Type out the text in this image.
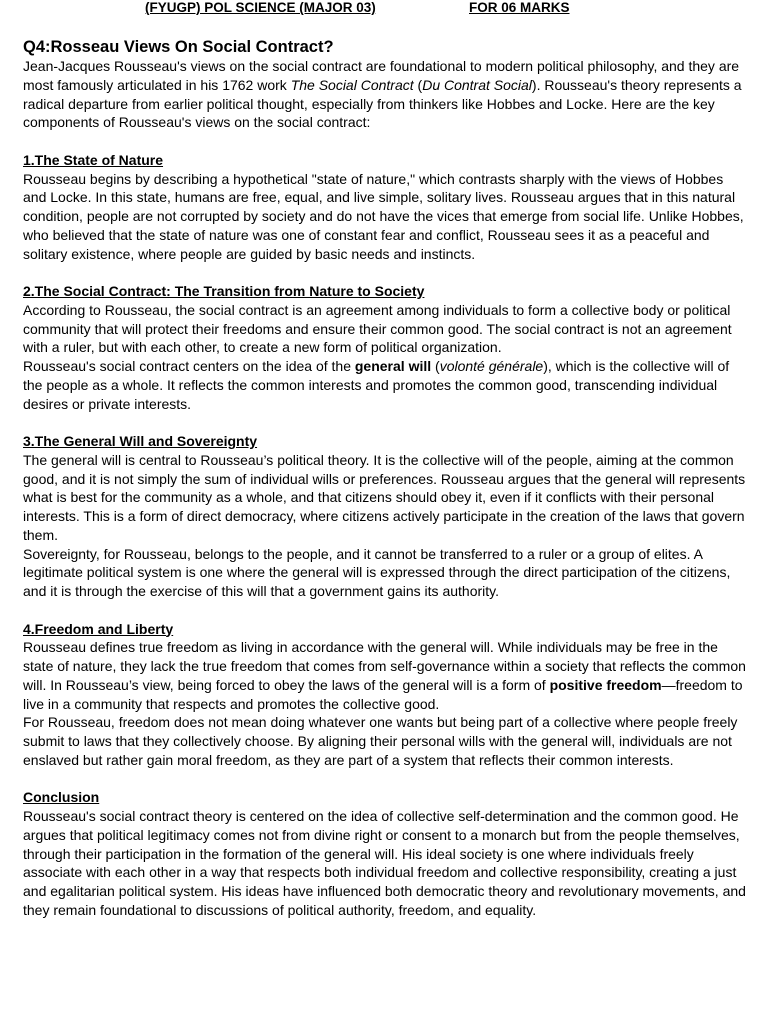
(FYUGP) POL SCIENCE (MAJOR 03)	FOR 06 MARKS
Q4:Rosseau Views On Social Contract?

Jean-Jacques Rousseau's views on the social contract are foundational to modern political philosophy, and they are most famously articulated in his 1762 work The Social Contract (Du Contrat Social). Rousseau's theory represents a radical departure from earlier political thought, especially from thinkers like Hobbes and Locke. Here are the key components of Rousseau's views on the social contract:

1.The State of Nature

Rousseau begins by describing a hypothetical "state of nature," which contrasts sharply with the views of Hobbes and Locke. In this state, humans are free, equal, and live simple, solitary lives. Rousseau argues that in this natural condition, people are not corrupted by society and do not have the vices that emerge from social life. Unlike Hobbes, who believed that the state of nature was one of constant fear and conflict, Rousseau sees it as a peaceful and solitary existence, where people are guided by basic needs and instincts.

2.The Social Contract: The Transition from Nature to Society

According to Rousseau, the social contract is an agreement among individuals to form a collective body or political community that will protect their freedoms and ensure their common good. The social contract is not an agreement with a ruler, but with each other, to create a new form of political organization.

Rousseau's social contract centers on the idea of the general will (volonté générale), which is the collective will of the people as a whole. It reflects the common interests and promotes the common good, transcending individual desires or private interests.

3.The General Will and Sovereignty

The general will is central to Rousseau’s political theory. It is the collective will of the people, aiming at the common good, and it is not simply the sum of individual wills or preferences. Rousseau argues that the general will represents what is best for the community as a whole, and that citizens should obey it, even if it conflicts with their personal interests. This is a form of direct democracy, where citizens actively participate in the creation of the laws that govern them.

Sovereignty, for Rousseau, belongs to the people, and it cannot be transferred to a ruler or a group of elites. A legitimate political system is one where the general will is expressed through the direct participation of the citizens, and it is through the exercise of this will that a government gains its authority.

4.Freedom and Liberty

Rousseau defines true freedom as living in accordance with the general will. While individuals may be free in the state of nature, they lack the true freedom that comes from self-governance within a society that reflects the common will. In Rousseau’s view, being forced to obey the laws of the general will is a form of positive freedom—freedom to live in a community that respects and promotes the collective good.

For Rousseau, freedom does not mean doing whatever one wants but being part of a collective where people freely submit to laws that they collectively choose. By aligning their personal wills with the general will, individuals are not enslaved but rather gain moral freedom, as they are part of a system that reflects their common interests.

Conclusion

Rousseau's social contract theory is centered on the idea of collective self-determination and the common good. He argues that political legitimacy comes not from divine right or consent to a monarch but from the people themselves, through their participation in the formation of the general will. His ideal society is one where individuals freely associate with each other in a way that respects both individual freedom and collective responsibility, creating a just and egalitarian political system. His ideas have influenced both democratic theory and revolutionary movements, and they remain foundational to discussions of political authority, freedom, and equality.
